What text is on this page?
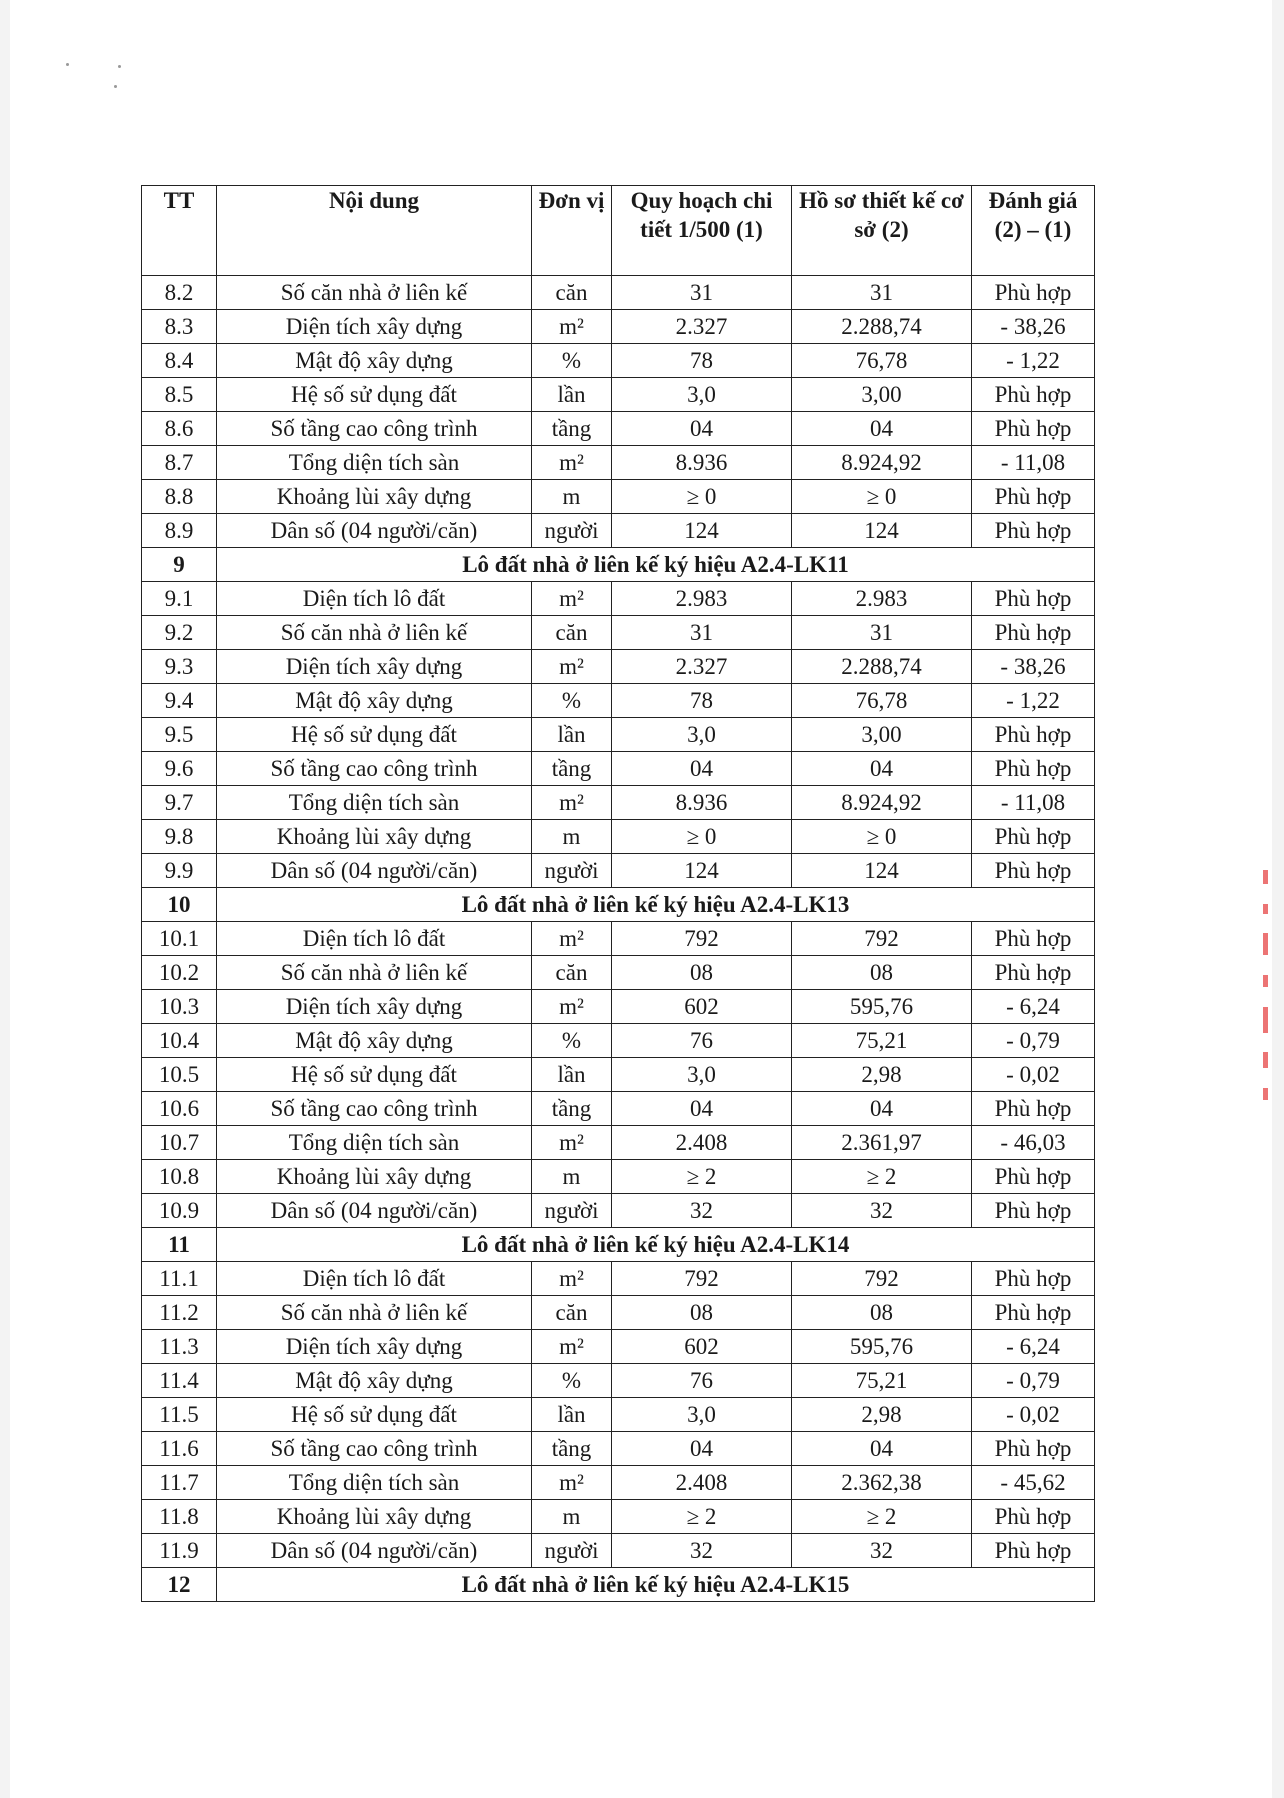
TT	Nội dung	Đơn vị	Quy hoạch chi tiết 1/500 (1)	Hồ sơ thiết kế cơ sở (2)	Đánh giá (2) – (1)
8.2	Số căn nhà ở liên kế	căn	31	31	Phù hợp
8.3	Diện tích xây dựng	m²	2.327	2.288,74	- 38,26
8.4	Mật độ xây dựng	%	78	76,78	- 1,22
8.5	Hệ số sử dụng đất	lần	3,0	3,00	Phù hợp
8.6	Số tầng cao công trình	tầng	04	04	Phù hợp
8.7	Tổng diện tích sàn	m²	8.936	8.924,92	- 11,08
8.8	Khoảng lùi xây dựng	m	≥ 0	≥ 0	Phù hợp
8.9	Dân số (04 người/căn)	người	124	124	Phù hợp
9	Lô đất nhà ở liên kế ký hiệu A2.4-LK11				
9.1	Diện tích lô đất	m²	2.983	2.983	Phù hợp
9.2	Số căn nhà ở liên kế	căn	31	31	Phù hợp
9.3	Diện tích xây dựng	m²	2.327	2.288,74	- 38,26
9.4	Mật độ xây dựng	%	78	76,78	- 1,22
9.5	Hệ số sử dụng đất	lần	3,0	3,00	Phù hợp
9.6	Số tầng cao công trình	tầng	04	04	Phù hợp
9.7	Tổng diện tích sàn	m²	8.936	8.924,92	- 11,08
9.8	Khoảng lùi xây dựng	m	≥ 0	≥ 0	Phù hợp
9.9	Dân số (04 người/căn)	người	124	124	Phù hợp
10	Lô đất nhà ở liên kế ký hiệu A2.4-LK13				
10.1	Diện tích lô đất	m²	792	792	Phù hợp
10.2	Số căn nhà ở liên kế	căn	08	08	Phù hợp
10.3	Diện tích xây dựng	m²	602	595,76	- 6,24
10.4	Mật độ xây dựng	%	76	75,21	- 0,79
10.5	Hệ số sử dụng đất	lần	3,0	2,98	- 0,02
10.6	Số tầng cao công trình	tầng	04	04	Phù hợp
10.7	Tổng diện tích sàn	m²	2.408	2.361,97	- 46,03
10.8	Khoảng lùi xây dựng	m	≥ 2	≥ 2	Phù hợp
10.9	Dân số (04 người/căn)	người	32	32	Phù hợp
11	Lô đất nhà ở liên kế ký hiệu A2.4-LK14				
11.1	Diện tích lô đất	m²	792	792	Phù hợp
11.2	Số căn nhà ở liên kế	căn	08	08	Phù hợp
11.3	Diện tích xây dựng	m²	602	595,76	- 6,24
11.4	Mật độ xây dựng	%	76	75,21	- 0,79
11.5	Hệ số sử dụng đất	lần	3,0	2,98	- 0,02
11.6	Số tầng cao công trình	tầng	04	04	Phù hợp
11.7	Tổng diện tích sàn	m²	2.408	2.362,38	- 45,62
11.8	Khoảng lùi xây dựng	m	≥ 2	≥ 2	Phù hợp
11.9	Dân số (04 người/căn)	người	32	32	Phù hợp
12	Lô đất nhà ở liên kế ký hiệu A2.4-LK15				
